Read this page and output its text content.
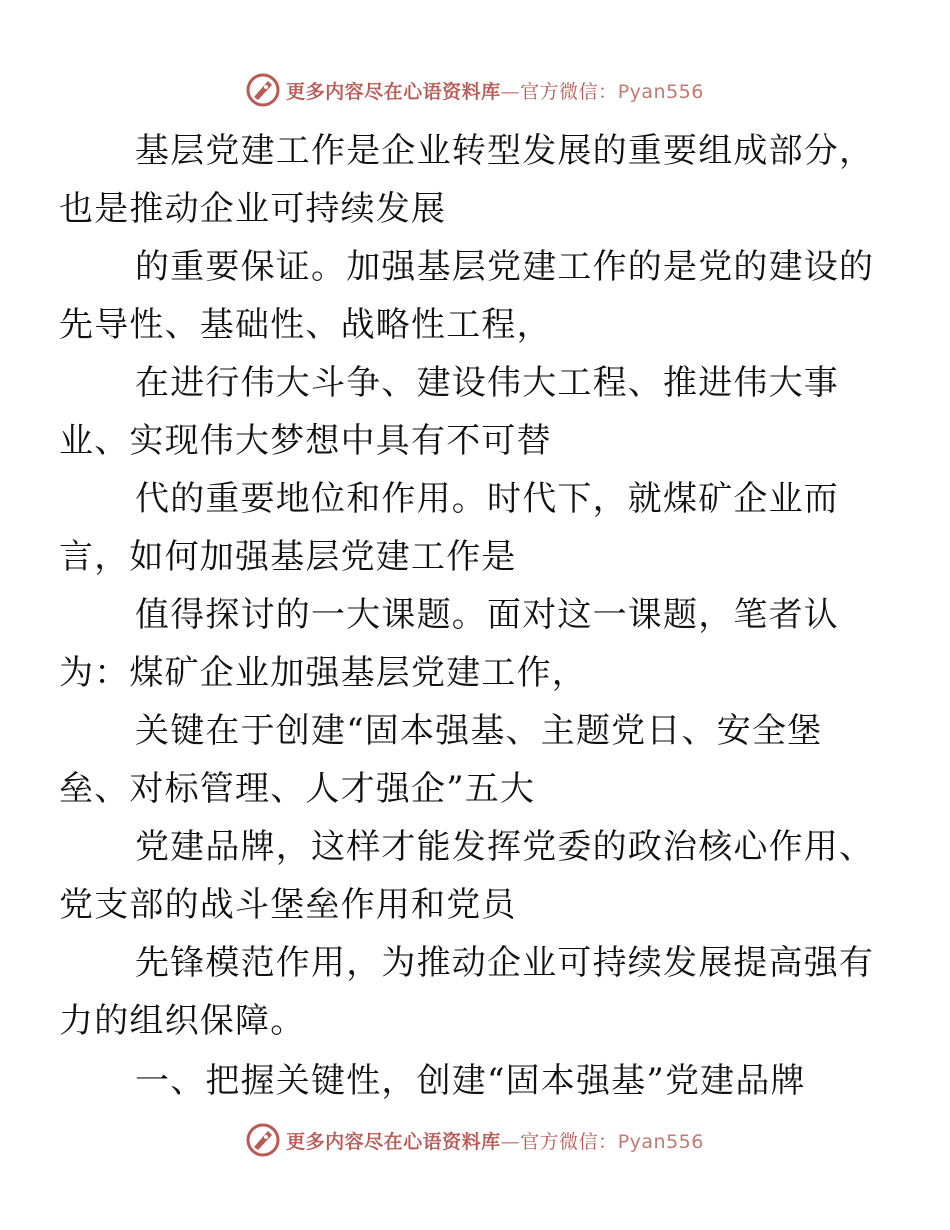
更多内容尽在心语资料库—官方微信：Pyan556

基层党建工作是企业转型发展的重要组成部分，
也是推动企业可持续发展

的重要保证。加强基层党建工作的是党的建设的
先导性、基础性、战略性工程，

在进行伟大斗争、建设伟大工程、推进伟大事
业、实现伟大梦想中具有不可替

代的重要地位和作用。时代下，就煤矿企业而
言，如何加强基层党建工作是

值得探讨的一大课题。面对这一课题，笔者认
为：煤矿企业加强基层党建工作，

关键在于创建“固本强基、主题党日、安全堡
垒、对标管理、人才强企”五大

党建品牌，这样才能发挥党委的政治核心作用、
党支部的战斗堡垒作用和党员

先锋模范作用，为推动企业可持续发展提高强有
力的组织保障。

一、把握关键性，创建“固本强基”党建品牌

更多内容尽在心语资料库—官方微信：Pyan556
